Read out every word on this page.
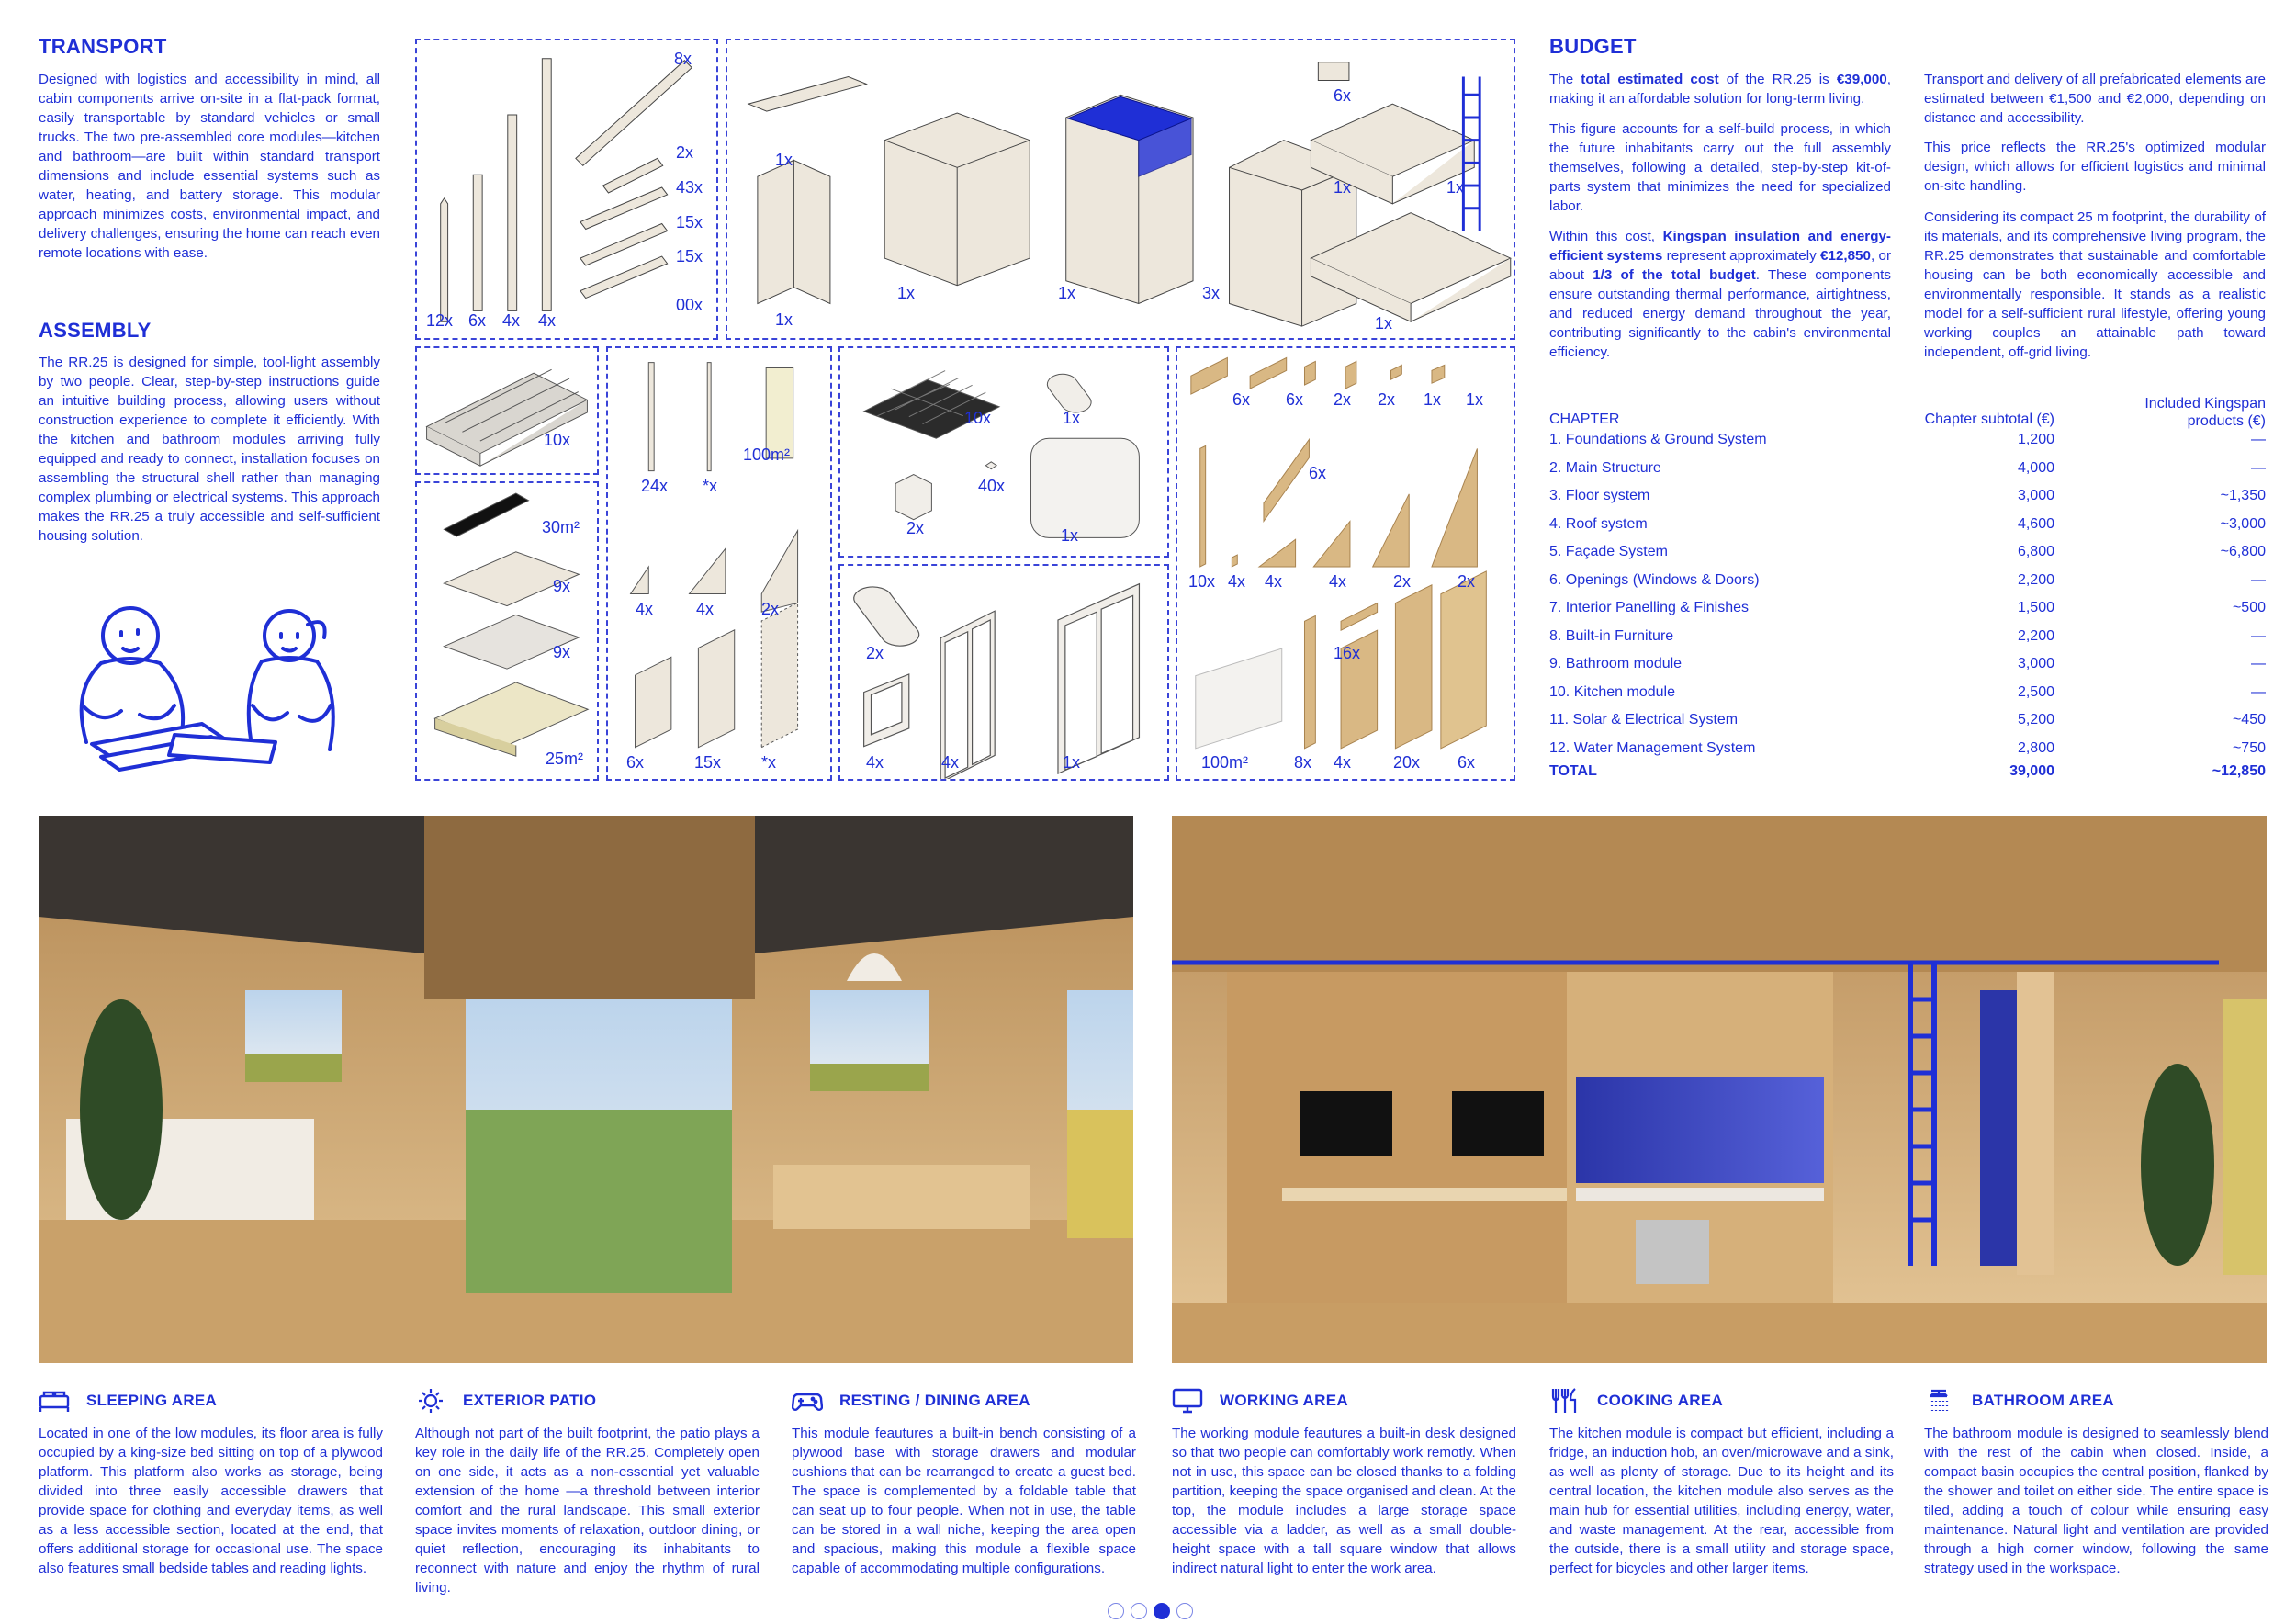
TRANSPORT
Designed with logistics and accessibility in mind, all cabin components arrive on-site in a flat-pack format, easily transportable by standard vehicles or small trucks. The two pre-assembled core modules—kitchen and bathroom—are built within standard transport dimensions and include essential systems such as water, heating, and battery storage. This modular approach minimizes costs, environmental impact, and delivery challenges, ensuring the home can reach even remote locations with ease.
ASSEMBLY
The RR.25 is designed for simple, tool-light assembly by two people. Clear, step-by-step instructions guide an intuitive building process, allowing users without construction experience to complete it efficiently. With the kitchen and bathroom modules arriving fully equipped and ready to connect, installation focuses on assembling the structural shell rather than managing complex plumbing or electrical systems. This approach makes the RR.25 a truly accessible and self-sufficient housing solution.
8x
2x
43x
15x
15x
00x
12x 6x 4x 4x
1x
1x
1x	1x	3x
6x
1x	1x
1x
10x
30m²
9x
9x
25m²
24x *x
100m²
4x	4x	2x
6x	15x *x
10x	1x
40x
2x	1x
2x
4x	4x	1x
6x 6x 2x 2x 1x 1x
6x
10x 4x 4x	4x	2x	2x
16x
100m²	8x 4x	20x 6x
BUDGET
The total estimated cost of the RR.25 is €39,000, making it an affordable solution for long-term living.
This figure accounts for a self-build process, in which the future inhabitants carry out the full assembly themselves, following a detailed, step-by-step kit-of-parts system that minimizes the need for specialized labor.
Within this cost, Kingspan insulation and energy-efficient systems represent approximately €12,850, or about 1/3 of the total budget. These components ensure outstanding thermal performance, airtightness, and reduced energy demand throughout the year, contributing significantly to the cabin's environmental efficiency.
Transport and delivery of all prefabricated elements are estimated between €1,500 and €2,000, depending on distance and accessibility.
This price reflects the RR.25's optimized modular design, which allows for efficient logistics and minimal on-site handling.
Considering its compact 25 m footprint, the durability of its materials, and its comprehensive living program, the RR.25 demonstrates that sustainable and comfortable housing can be both economically accessible and environmentally responsible. It stands as a realistic model for a self-sufficient rural lifestyle, offering young working couples an attainable path toward independent, off-grid living.
CHAPTER	Chapter subtotal (€)
Included Kingspan
products (€)
1. Foundations & Ground System	1,200	—
2. Main Structure	4,000	—
3. Floor system	3,000	~1,350
4. Roof system	4,600	~3,000
5. Façade System	6,800	~6,800
6. Openings (Windows & Doors)	2,200	—
7. Interior Panelling & Finishes	1,500	~500
8. Built-in Furniture	2,200	—
9. Bathroom module	3,000	—
10. Kitchen module	2,500	—
11. Solar & Electrical System	5,200	~450
12. Water Management System	2,800	~750
TOTAL	39,000	~12,850
SLEEPING AREA
Located in one of the low modules, its floor area is fully occupied by a king-size bed sitting on top of a plywood platform. This platform also works as storage, being divided into three easily accessible drawers that provide space for clothing and everyday items, as well as a less accessible section, located at the end, that offers additional storage for occasional use. The space also features small bedside tables and reading lights.
EXTERIOR PATIO
Although not part of the built footprint, the patio plays a key role in the daily life of the RR.25. Completely open on one side, it acts as a non-essential yet valuable extension of the home —a threshold between interior comfort and the rural landscape. This small exterior space invites moments of relaxation, outdoor dining, or quiet reflection, encouraging its inhabitants to reconnect with nature and enjoy the rhythm of rural living.
RESTING / DINING AREA
This module feautures a built-in bench consisting of a plywood base with storage drawers and modular cushions that can be rearranged to create a guest bed. The space is complemented by a foldable table that can seat up to four people. When not in use, the table can be stored in a wall niche, keeping the area open and spacious, making this module a flexible space capable of accommodating multiple configurations.
WORKING AREA
The working module feautures a built-in desk designed so that two people can comfortably work remotly. When not in use, this space can be closed thanks to a folding partition, keeping the space organised and clean. At the top, the module includes a large storage space accessible via a ladder, as well as a small double-height space with a tall square window that allows indirect natural light to enter the work area.
COOKING AREA
The kitchen module is compact but efficient, including a fridge, an induction hob, an oven/microwave and a sink, as well as plenty of storage. Due to its height and its central location, the kitchen module also serves as the main hub for essential utilities, including energy, water, and waste management. At the rear, accessible from the outside, there is a small utility and storage space, perfect for bicycles and other larger items.
BATHROOM AREA
The bathroom module is designed to seamlessly blend with the rest of the cabin when closed. Inside, a compact basin occupies the central position, flanked by the shower and toilet on either side. The entire space is tiled, adding a touch of colour while ensuring easy maintenance. Natural light and ventilation are provided through a high corner window, following the same strategy used in the workspace.
